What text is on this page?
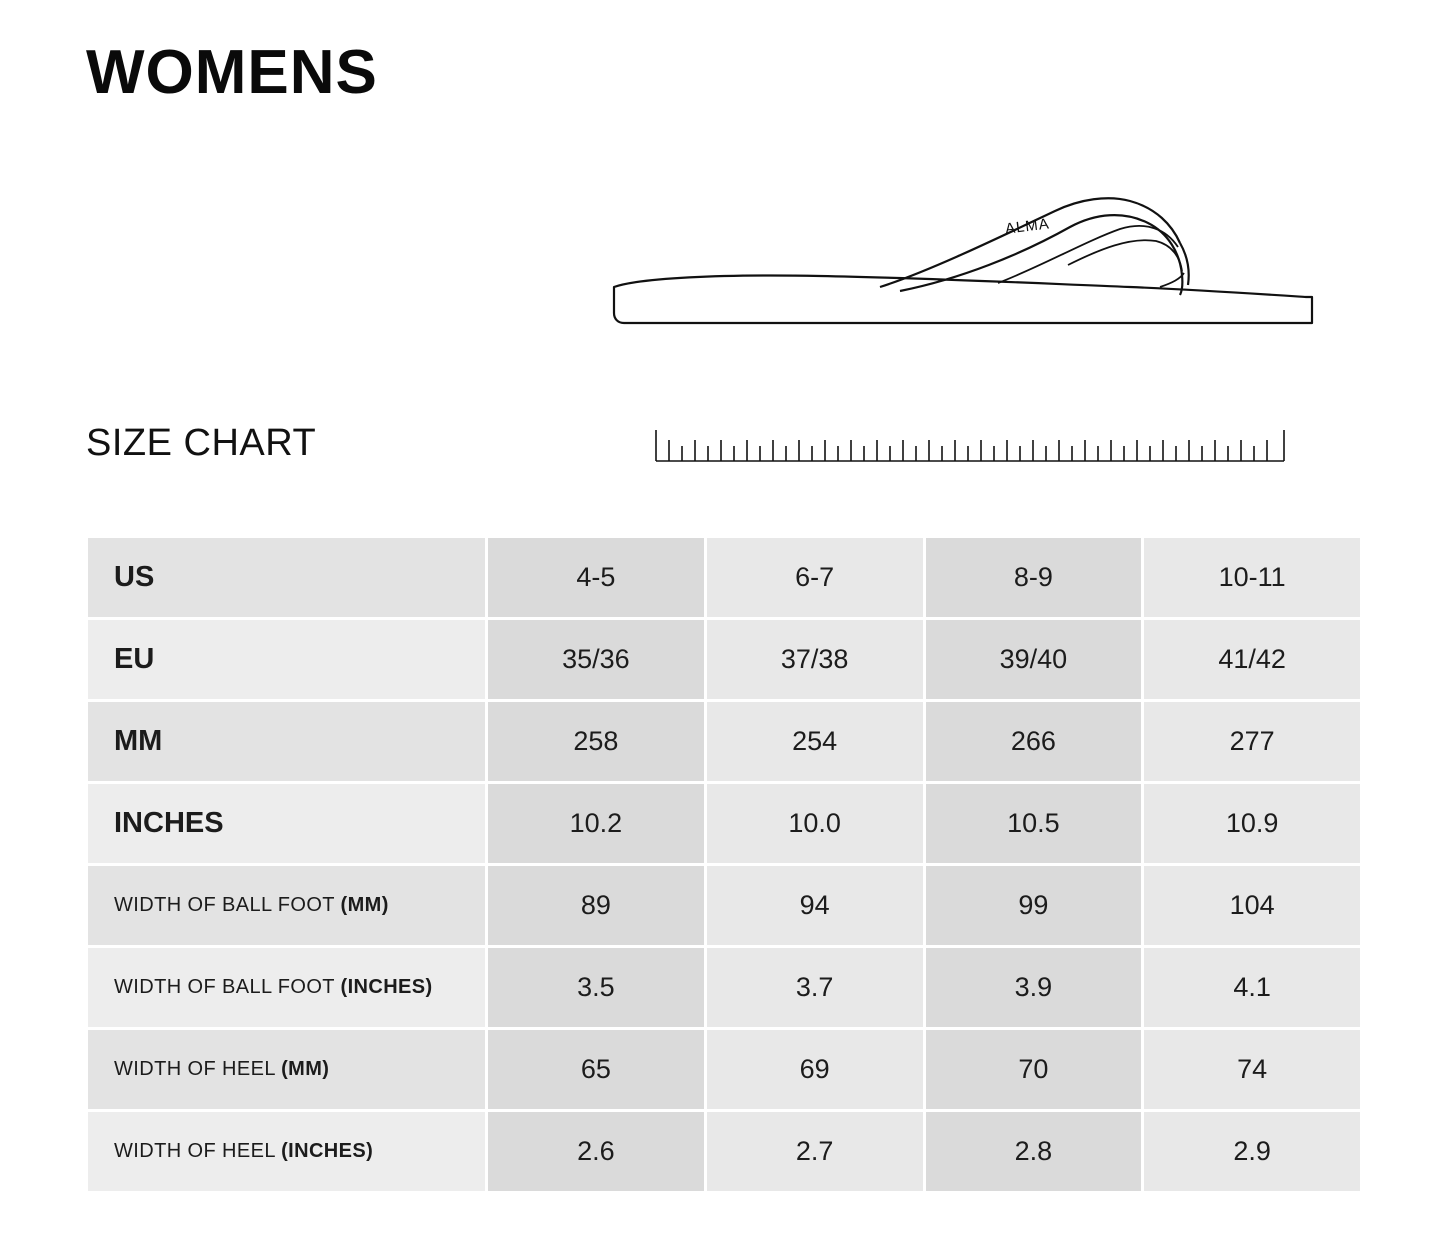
WOMENS
ALMA
SIZE CHART
US	4-5	6-7	8-9	10-11
EU	35/36	37/38	39/40	41/42
MM	258	254	266	277
INCHES	10.2	10.0	10.5	10.9
WIDTH OF BALL FOOT (MM)	89	94	99	104
WIDTH OF BALL FOOT (INCHES)	3.5	3.7	3.9	4.1
WIDTH OF HEEL (MM)	65	69	70	74
WIDTH OF HEEL (INCHES)	2.6	2.7	2.8	2.9
